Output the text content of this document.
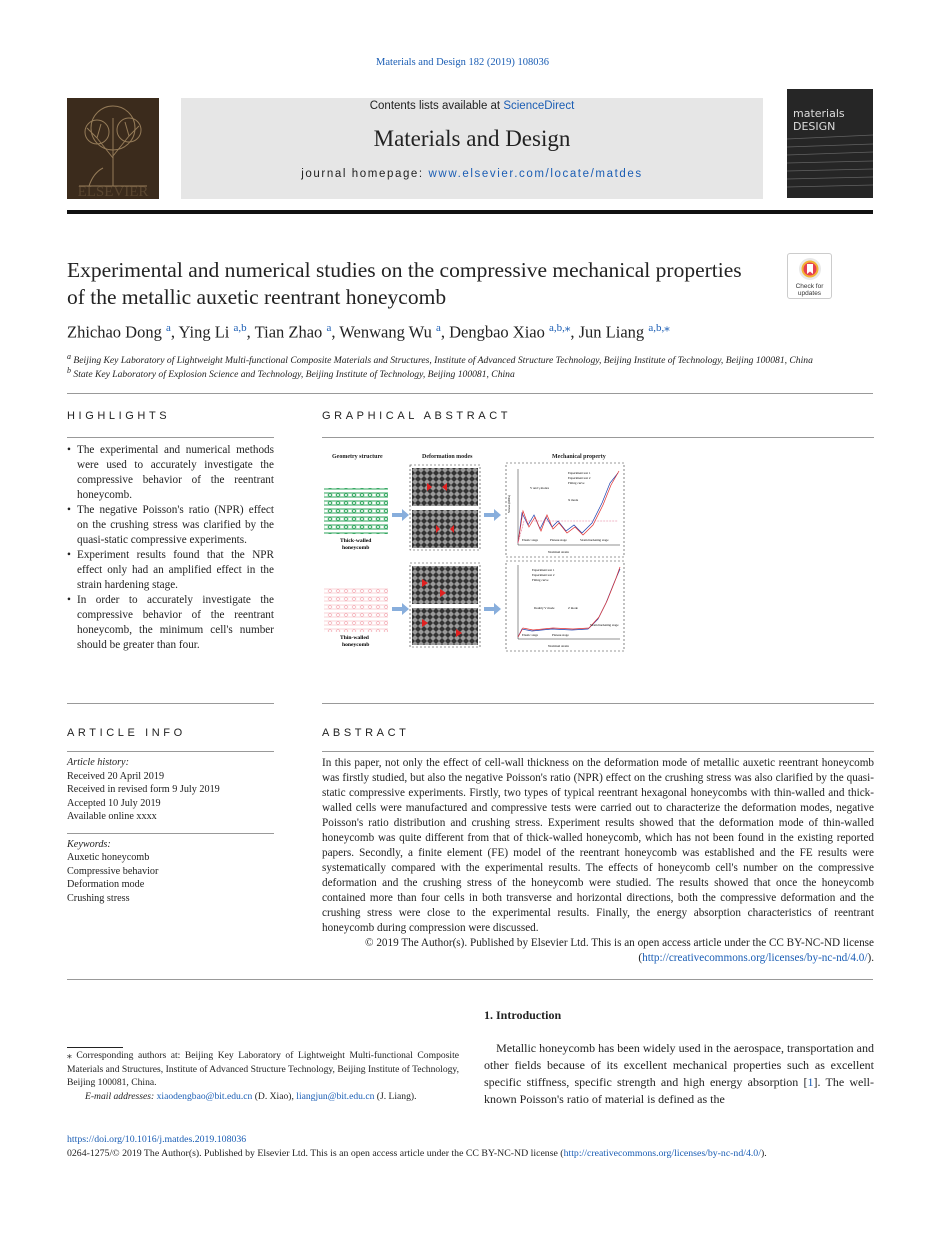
Materials and Design 182 (2019) 108036
ELSEVIER
Contents lists available at ScienceDirect
Materials and Design
journal homepage: www.elsevier.com/locate/matdes
materials
DESIGN
Experimental and numerical studies on the compressive mechanical properties of the metallic auxetic reentrant honeycomb	Check for
updates
Zhichao Dong $^a$, Ying Li $^{a,b}$, Tian Zhao $^a$, Wenwang Wu $^a$, Dengbao Xiao $^{a,b,⁎}$, Jun Liang $^{a,b,⁎}$
$^a$ Beijing Key Laboratory of Lightweight Multi-functional Composite Materials and Structures, Institute of Advanced Structure Technology, Beijing Institute of Technology, Beijing 100081, China
$^b$ State Key Laboratory of Explosion Science and Technology, Beijing Institute of Technology, Beijing 100081, China
HIGHLIGHTS
• The experimental and numerical methods were used to accurately investigate the compressive behavior of the reentrant honeycomb.
• The negative Poisson's ratio (NPR) effect on the crushing stress was clarified by the quasi-static compressive experiments.
• Experiment results found that the NPR effect only had an amplified effect in the strain hardening stage.
• In order to accurately investigate the compressive behavior of the reentrant honeycomb, the minimum cell's number should be greater than four.
GRAPHICAL ABSTRACT
Geometry structure	Deformation modes	Mechanical property
Thick-walled
honeycomb
Stress (MPa)
Nominal strain
Elastic stage	Plateau stage	Strain hardening stage
Experiment test 1
Experiment test 2
Fitting curve
V and γ modes
X mode
Thin-walled
honeycomb
Elastic stage	Plateau stage
Strain hardening stage
Nominal strain
Experiment test 1
Experiment test 2
Fitting curve
Doubly V mode	Z mode
ARTICLE INFO
Article history:
Received 20 April 2019
Received in revised form 9 July 2019
Accepted 10 July 2019
Available online xxxx
Keywords:
Auxetic honeycomb
Compressive behavior
Deformation mode
Crushing stress
ABSTRACT
In this paper, not only the effect of cell-wall thickness on the deformation mode of metallic auxetic reentrant honeycomb was firstly studied, but also the negative Poisson's ratio (NPR) effect on the crushing stress was also clarified by the quasi-static compressive experiments. Firstly, two types of typical reentrant hexagonal honeycombs with thin-walled and thick-walled cells were manufactured and compressive tests were carried out to characterize the deformation modes, negative Poisson's ratio distribution and crushing stress. Experiment results showed that the deformation mode of thin-walled honeycomb was quite different from that of thick-walled honeycomb, which has not been found in the existing reported papers. Secondly, a finite element (FE) model of the reentrant honeycomb was established and the FE results were systematically compared with the experimental results. The effects of honeycomb cell's number on the compressive deformation and the crushing stress of the honeycomb were studied. The results showed that once the honeycomb contained more than four cells in both transverse and horizontal directions, both the compressive deformation and the crushing stress were close to the experimental results. Finally, the energy absorption characteristics of reentrant honeycomb during compression were discussed.
© 2019 The Author(s). Published by Elsevier Ltd. This is an open access article under the CC BY-NC-ND license
(http://creativecommons.org/licenses/by-nc-nd/4.0/).
1. Introduction
Metallic honeycomb has been widely used in the aerospace, transportation and other fields because of its excellent mechanical properties such as excellent specific stiffness, specific strength and high energy absorption [1]. The well-known Poisson's ratio of material is defined as the
⁎ Corresponding authors at: Beijing Key Laboratory of Lightweight Multi-functional Composite Materials and Structures, Institute of Advanced Structure Technology, Beijing Institute of Technology, Beijing 100081, China.
E-mail addresses: xiaodengbao@bit.edu.cn (D. Xiao), liangjun@bit.edu.cn (J. Liang).
https://doi.org/10.1016/j.matdes.2019.108036
0264-1275/© 2019 The Author(s). Published by Elsevier Ltd. This is an open access article under the CC BY-NC-ND license (http://creativecommons.org/licenses/by-nc-nd/4.0/).
